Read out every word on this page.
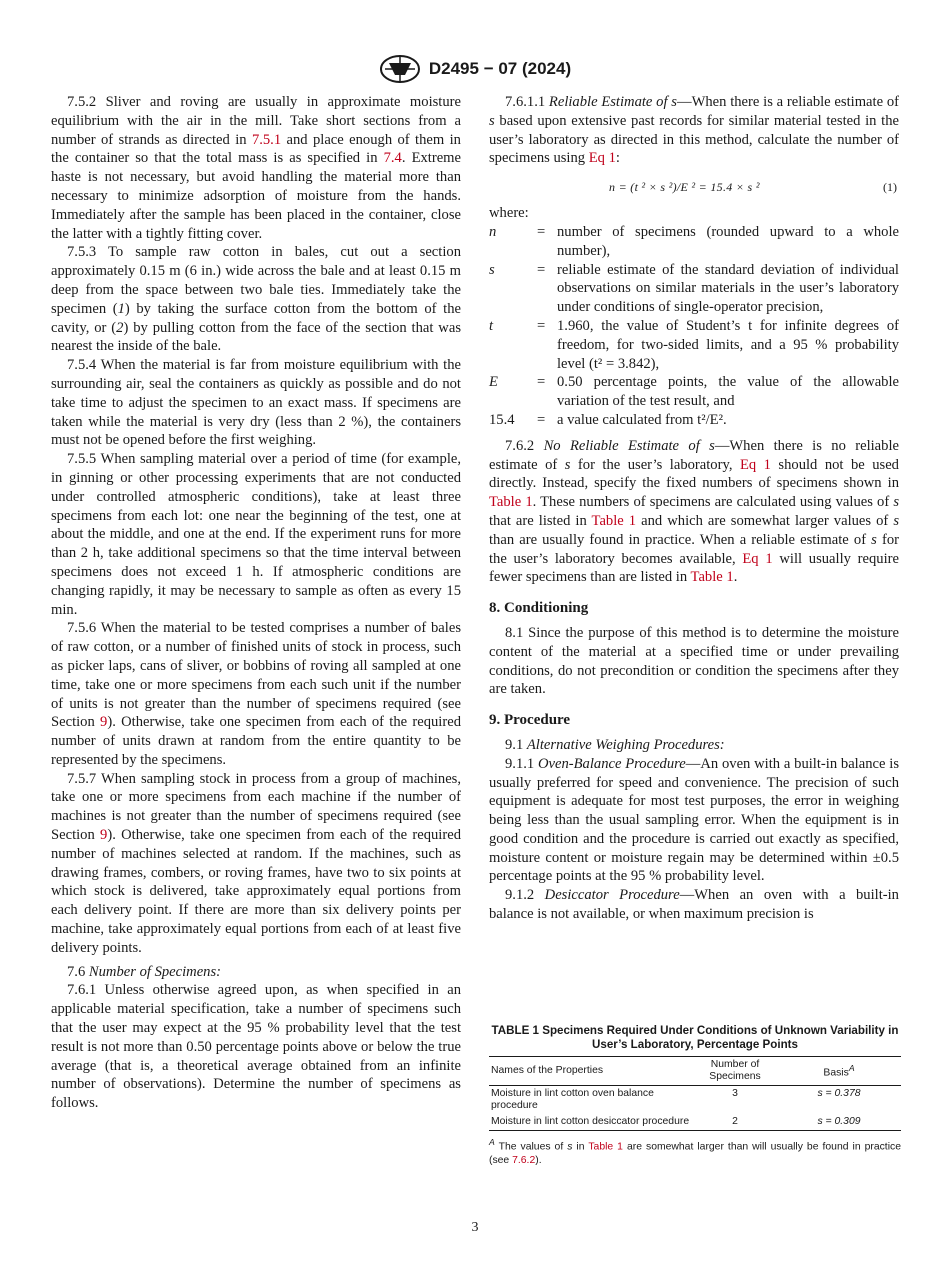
D2495 − 07 (2024)

7.5.2 Sliver and roving are usually in approximate moisture equilibrium with the air in the mill. Take short sections from a number of strands as directed in 7.5.1 and place enough of them in the container so that the total mass is as specified in 7.4. Extreme haste is not necessary, but avoid handling the material more than necessary to minimize adsorption of moisture from the hands. Immediately after the sample has been placed in the container, close the latter with a tightly fitting cover.

7.5.3 To sample raw cotton in bales, cut out a section approximately 0.15 m (6 in.) wide across the bale and at least 0.15 m deep from the space between two bale ties. Immediately take the specimen (1) by taking the surface cotton from the bottom of the cavity, or (2) by pulling cotton from the face of the section that was nearest the inside of the bale.

7.5.4 When the material is far from moisture equilibrium with the surrounding air, seal the containers as quickly as possible and do not take time to adjust the specimen to an exact mass. If specimens are taken while the material is very dry (less than 2 %), the containers must not be opened before the first weighing.

7.5.5 When sampling material over a period of time (for example, in ginning or other processing experiments that are not conducted under controlled atmospheric conditions), take at least three specimens from each lot: one near the beginning of the test, one at about the middle, and one at the end. If the experiment runs for more than 2 h, take additional specimens so that the time interval between specimens does not exceed 1 h. If atmospheric conditions are changing rapidly, it may be necessary to sample as often as every 15 min.

7.5.6 When the material to be tested comprises a number of bales of raw cotton, or a number of finished units of stock in process, such as picker laps, cans of sliver, or bobbins of roving all sampled at one time, take one or more specimens from each such unit if the number of units is not greater than the number of specimens required (see Section 9). Otherwise, take one specimen from each of the required number of units drawn at random from the entire quantity to be represented by the specimens.

7.5.7 When sampling stock in process from a group of machines, take one or more specimens from each machine if the number of machines is not greater than the number of specimens required (see Section 9). Otherwise, take one specimen from each of the required number of machines selected at random. If the machines, such as drawing frames, combers, or roving frames, have two to six points at which stock is delivered, take approximately equal portions from each delivery point. If there are more than six delivery points per machine, take approximately equal portions from each of at least five delivery points.

7.6 Number of Specimens:

7.6.1 Unless otherwise agreed upon, as when specified in an applicable material specification, take a number of specimens such that the user may expect at the 95 % probability level that the test result is not more than 0.50 percentage points above or below the true average (that is, a theoretical average obtained from an infinite number of observations). Determine the number of specimens as follows.

7.6.1.1 Reliable Estimate of s—When there is a reliable estimate of s based upon extensive past records for similar material tested in the user’s laboratory as directed in this method, calculate the number of specimens using Eq 1:

n = (t ² × s ²)/E ² = 15.4 × s ²	(1)

where:

n	=	number of specimens (rounded upward to a whole number),
s	=	reliable estimate of the standard deviation of individual observations on similar materials in the user’s laboratory under conditions of single-operator precision,
t	=	1.960, the value of Student’s t for infinite degrees of freedom, for two-sided limits, and a 95 % probability level (t² = 3.842),
E	=	0.50 percentage points, the value of the allowable variation of the test result, and
15.4	=	a value calculated from t²/E².

7.6.2 No Reliable Estimate of s—When there is no reliable estimate of s for the user’s laboratory, Eq 1 should not be used directly. Instead, specify the fixed numbers of specimens shown in Table 1. These numbers of specimens are calculated using values of s that are listed in Table 1 and which are somewhat larger values of s than are usually found in practice. When a reliable estimate of s for the user’s laboratory becomes available, Eq 1 will usually require fewer specimens than are listed in Table 1.

8. Conditioning

8.1 Since the purpose of this method is to determine the moisture content of the material at a specified time or under prevailing conditions, do not precondition or condition the specimens after they are taken.

9. Procedure

9.1 Alternative Weighing Procedures:

9.1.1 Oven-Balance Procedure—An oven with a built-in balance is usually preferred for speed and convenience. The precision of such equipment is adequate for most test purposes, the error in weighing being less than the usual sampling error. When the equipment is in good condition and the procedure is carried out exactly as specified, moisture content or moisture regain may be determined within ±0.5 percentage points at the 95 % probability level.

9.1.2 Desiccator Procedure—When an oven with a built-in balance is not available, or when maximum precision is

TABLE 1 Specimens Required Under Conditions of Unknown Variability in User’s Laboratory, Percentage Points
Names of the Properties	Number of Specimens	Basis$^A$
Moisture in lint cotton oven balance procedure	3	s = 0.378
Moisture in lint cotton desiccator procedure	2	s = 0.309
$^A$ The values of s in Table 1 are somewhat larger than will usually be found in practice (see 7.6.2).
3
